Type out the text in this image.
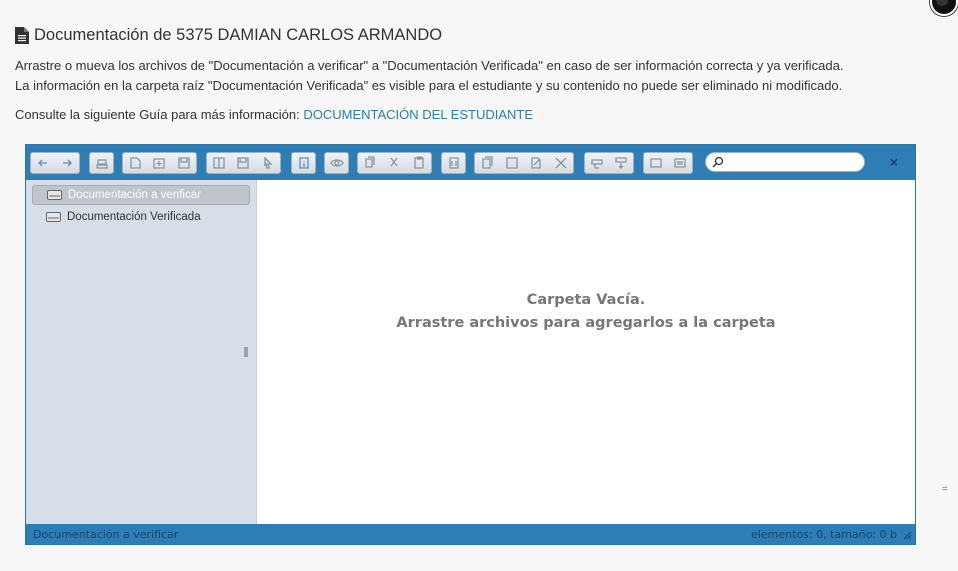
Documentación de 5375 DAMIAN CARLOS ARMANDO
Arrastre o mueva los archivos de "Documentación a verificar" a "Documentación Verificada" en caso de ser información correcta y ya verificada.
La información en la carpeta raíz "Documentación Verificada" es visible para el estudiante y su contenido no puede ser eliminado ni modificado.
Consulte la siguiente Guía para más información: DOCUMENTACIÓN DEL ESTUDIANTE
×
Documentación a verificar
Documentación Verificada
Carpeta Vacía.
Arrastre archivos para agregarlos a la carpeta
Documentación a verificar	elementos: 0, tamaño: 0 b
=
